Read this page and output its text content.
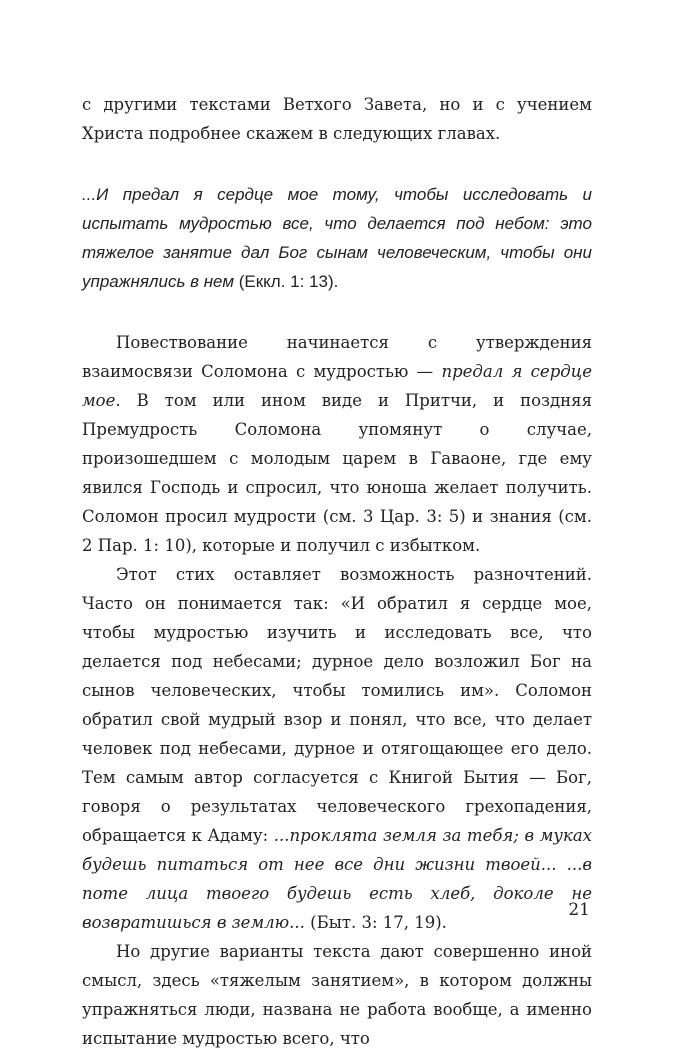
с другими текстами Ветхого Завета, но и с учением Христа подробнее скажем в следующих главах.

...И предал я сердце мое тому, чтобы исследовать и испытать мудростью все, что делается под небом: это тяжелое занятие дал Бог сынам человеческим, чтобы они упражнялись в нем (Еккл. 1: 13).

Повествование начинается с утверждения взаимосвязи Соломона с мудростью — предал я сердце мое. В том или ином виде и Притчи, и поздняя Премудрость Соломона упомянут о случае, произошедшем с молодым царем в Гаваоне, где ему явился Господь и спросил, что юноша желает получить. Соломон просил мудрости (см. 3 Цар. 3: 5) и знания (см. 2 Пар. 1: 10), которые и получил с избытком.

Этот стих оставляет возможность разночтений. Часто он понимается так: «И обратил я сердце мое, чтобы мудростью изучить и исследовать все, что делается под небесами; дурное дело возложил Бог на сынов человеческих, чтобы томились им». Соломон обратил свой мудрый взор и понял, что все, что делает человек под небесами, дурное и отягощающее его дело. Тем самым автор согласуется с Книгой Бытия — Бог, говоря о результатах человеческого грехопадения, обращается к Адаму: ...проклята земля за тебя; в муках будешь питаться от нее все дни жизни твоей... ...в поте лица твоего будешь есть хлеб, доколе не возвратишься в землю... (Быт. 3: 17, 19).

Но другие варианты текста дают совершенно иной смысл, здесь «тяжелым занятием», в котором должны упражняться люди, названа не работа вообще, а именно испытание мудростью всего, что

21
